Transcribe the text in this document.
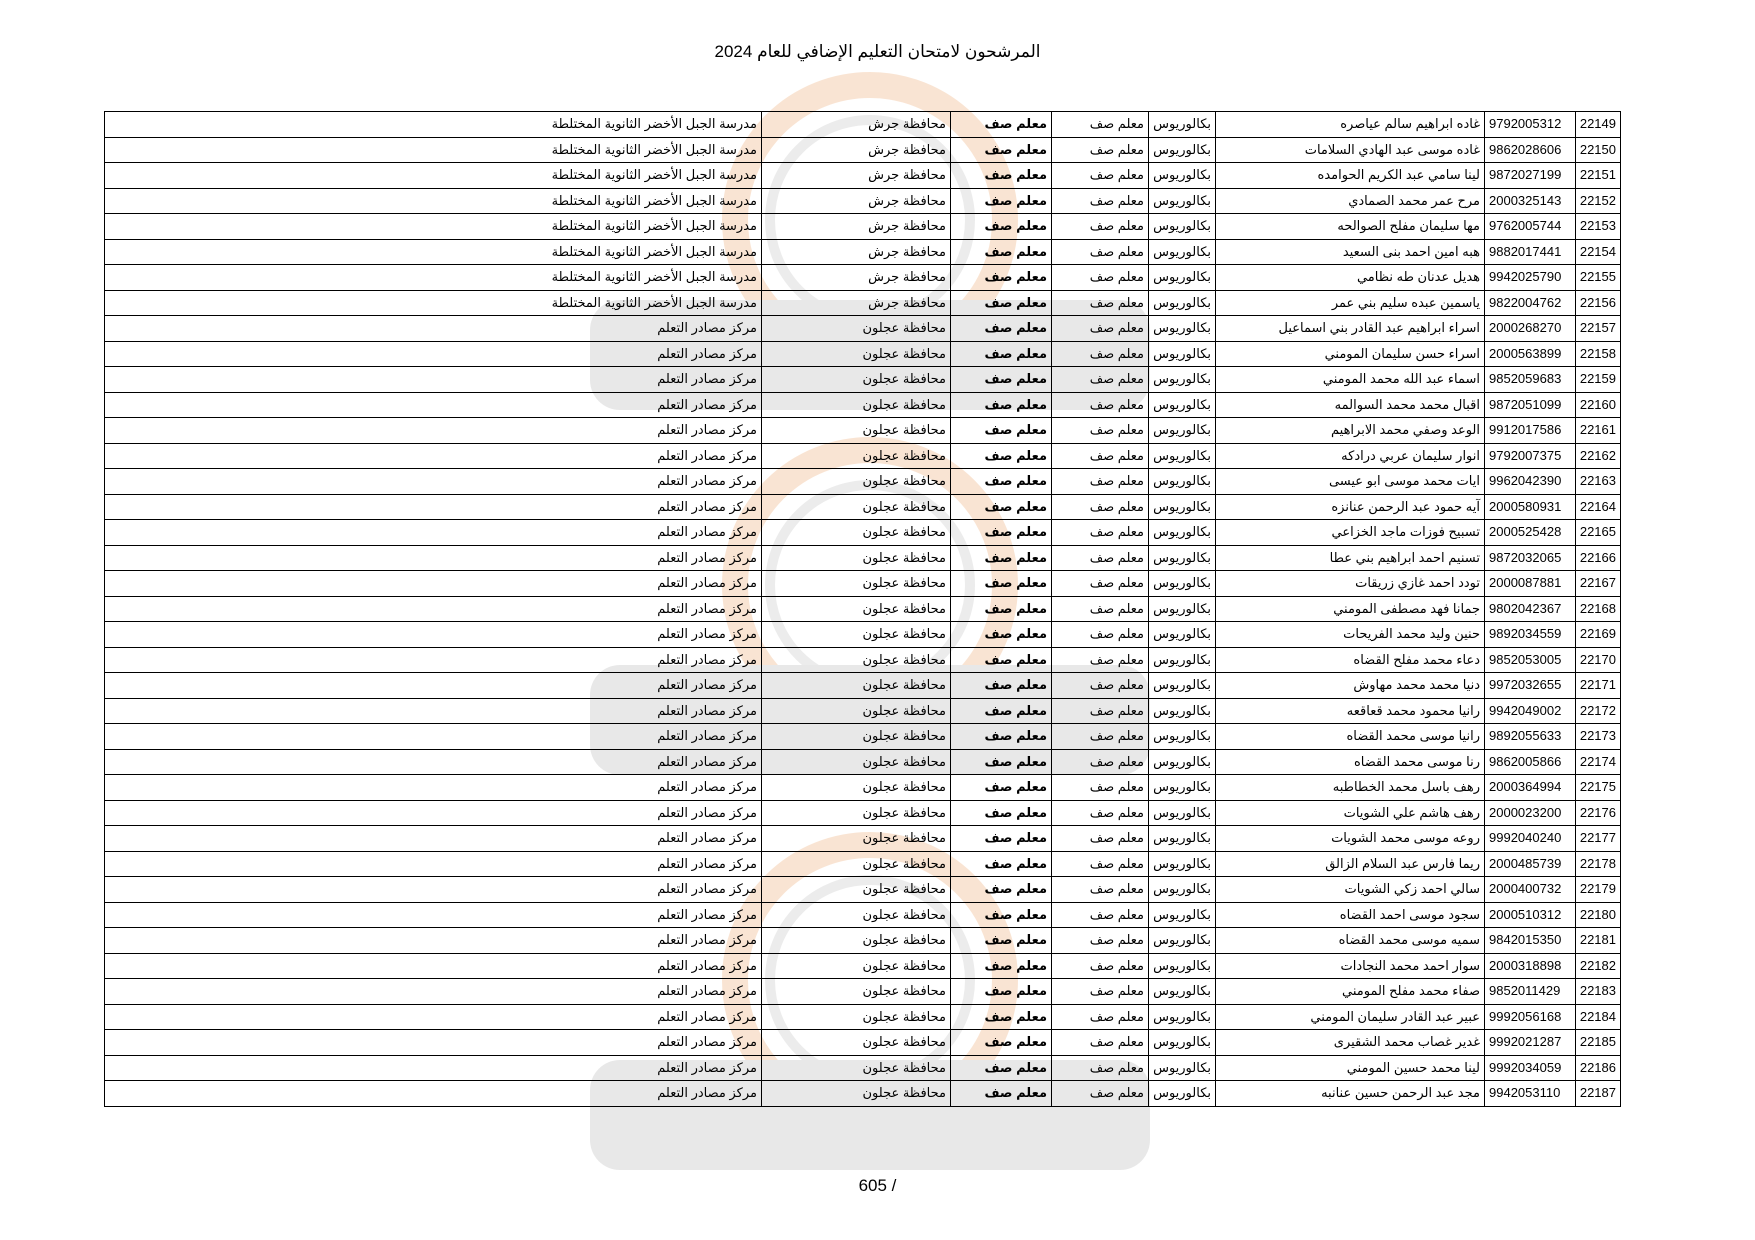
المرشحون لامتحان التعليم الإضافي للعام 2024
22149	9792005312	غاده ابراهيم سالم عياصره	بكالوريوس	معلم صف	معلم صف	محافظة جرش	مدرسة الجبل الأخضر الثانوية المختلطة
22150	9862028606	غاده موسى عبد الهادي السلامات	بكالوريوس	معلم صف	معلم صف	محافظة جرش	مدرسة الجبل الأخضر الثانوية المختلطة
22151	9872027199	لينا سامي عبد الكريم الحوامده	بكالوريوس	معلم صف	معلم صف	محافظة جرش	مدرسة الجبل الأخضر الثانوية المختلطة
22152	2000325143	مرح عمر محمد الصمادي	بكالوريوس	معلم صف	معلم صف	محافظة جرش	مدرسة الجبل الأخضر الثانوية المختلطة
22153	9762005744	مها سليمان مفلح الصوالحه	بكالوريوس	معلم صف	معلم صف	محافظة جرش	مدرسة الجبل الأخضر الثانوية المختلطة
22154	9882017441	هبه امين احمد بنى السعيد	بكالوريوس	معلم صف	معلم صف	محافظة جرش	مدرسة الجبل الأخضر الثانوية المختلطة
22155	9942025790	هديل عدنان طه نظامي	بكالوريوس	معلم صف	معلم صف	محافظة جرش	مدرسة الجبل الأخضر الثانوية المختلطة
22156	9822004762	ياسمين عبده سليم بني عمر	بكالوريوس	معلم صف	معلم صف	محافظة جرش	مدرسة الجبل الأخضر الثانوية المختلطة
22157	2000268270	اسراء ابراهيم عبد القادر بني اسماعيل	بكالوريوس	معلم صف	معلم صف	محافظة عجلون	مركز مصادر التعلم
22158	2000563899	اسراء حسن سليمان المومني	بكالوريوس	معلم صف	معلم صف	محافظة عجلون	مركز مصادر التعلم
22159	9852059683	اسماء عبد الله محمد المومني	بكالوريوس	معلم صف	معلم صف	محافظة عجلون	مركز مصادر التعلم
22160	9872051099	اقبال محمد محمد السوالمه	بكالوريوس	معلم صف	معلم صف	محافظة عجلون	مركز مصادر التعلم
22161	9912017586	الوعد وصفي محمد الابراهيم	بكالوريوس	معلم صف	معلم صف	محافظة عجلون	مركز مصادر التعلم
22162	9792007375	انوار سليمان عربي درادكه	بكالوريوس	معلم صف	معلم صف	محافظة عجلون	مركز مصادر التعلم
22163	9962042390	ايات محمد موسى ابو عيسى	بكالوريوس	معلم صف	معلم صف	محافظة عجلون	مركز مصادر التعلم
22164	2000580931	آيه حمود عبد الرحمن عنانزه	بكالوريوس	معلم صف	معلم صف	محافظة عجلون	مركز مصادر التعلم
22165	2000525428	تسبيح فوزات ماجد الخزاعي	بكالوريوس	معلم صف	معلم صف	محافظة عجلون	مركز مصادر التعلم
22166	9872032065	تسنيم احمد ابراهيم بني عطا	بكالوريوس	معلم صف	معلم صف	محافظة عجلون	مركز مصادر التعلم
22167	2000087881	تودد احمد غازي زريقات	بكالوريوس	معلم صف	معلم صف	محافظة عجلون	مركز مصادر التعلم
22168	9802042367	جمانا فهد مصطفى المومني	بكالوريوس	معلم صف	معلم صف	محافظة عجلون	مركز مصادر التعلم
22169	9892034559	حنين وليد محمد الفريحات	بكالوريوس	معلم صف	معلم صف	محافظة عجلون	مركز مصادر التعلم
22170	9852053005	دعاء محمد مفلح القضاه	بكالوريوس	معلم صف	معلم صف	محافظة عجلون	مركز مصادر التعلم
22171	9972032655	دنيا محمد محمد مهاوش	بكالوريوس	معلم صف	معلم صف	محافظة عجلون	مركز مصادر التعلم
22172	9942049002	رانيا محمود محمد قعاقعه	بكالوريوس	معلم صف	معلم صف	محافظة عجلون	مركز مصادر التعلم
22173	9892055633	رانيا موسى محمد القضاه	بكالوريوس	معلم صف	معلم صف	محافظة عجلون	مركز مصادر التعلم
22174	9862005866	رنا موسى محمد القضاه	بكالوريوس	معلم صف	معلم صف	محافظة عجلون	مركز مصادر التعلم
22175	2000364994	رهف باسل محمد الخطاطبه	بكالوريوس	معلم صف	معلم صف	محافظة عجلون	مركز مصادر التعلم
22176	2000023200	رهف هاشم علي الشويات	بكالوريوس	معلم صف	معلم صف	محافظة عجلون	مركز مصادر التعلم
22177	9992040240	روعه موسى محمد الشويات	بكالوريوس	معلم صف	معلم صف	محافظة عجلون	مركز مصادر التعلم
22178	2000485739	ريما فارس عبد السلام الزالق	بكالوريوس	معلم صف	معلم صف	محافظة عجلون	مركز مصادر التعلم
22179	2000400732	سالي احمد زكي الشويات	بكالوريوس	معلم صف	معلم صف	محافظة عجلون	مركز مصادر التعلم
22180	2000510312	سجود موسى احمد القضاه	بكالوريوس	معلم صف	معلم صف	محافظة عجلون	مركز مصادر التعلم
22181	9842015350	سميه موسى محمد القضاه	بكالوريوس	معلم صف	معلم صف	محافظة عجلون	مركز مصادر التعلم
22182	2000318898	سوار احمد محمد النجادات	بكالوريوس	معلم صف	معلم صف	محافظة عجلون	مركز مصادر التعلم
22183	9852011429	صفاء محمد مفلح المومني	بكالوريوس	معلم صف	معلم صف	محافظة عجلون	مركز مصادر التعلم
22184	9992056168	عبير عبد القادر سليمان المومني	بكالوريوس	معلم صف	معلم صف	محافظة عجلون	مركز مصادر التعلم
22185	9992021287	غدير غصاب محمد الشقيرى	بكالوريوس	معلم صف	معلم صف	محافظة عجلون	مركز مصادر التعلم
22186	9992034059	لينا محمد حسين المومني	بكالوريوس	معلم صف	معلم صف	محافظة عجلون	مركز مصادر التعلم
22187	9942053110	مجد عبد الرحمن حسين عنانبه	بكالوريوس	معلم صف	معلم صف	محافظة عجلون	مركز مصادر التعلم
605 /
